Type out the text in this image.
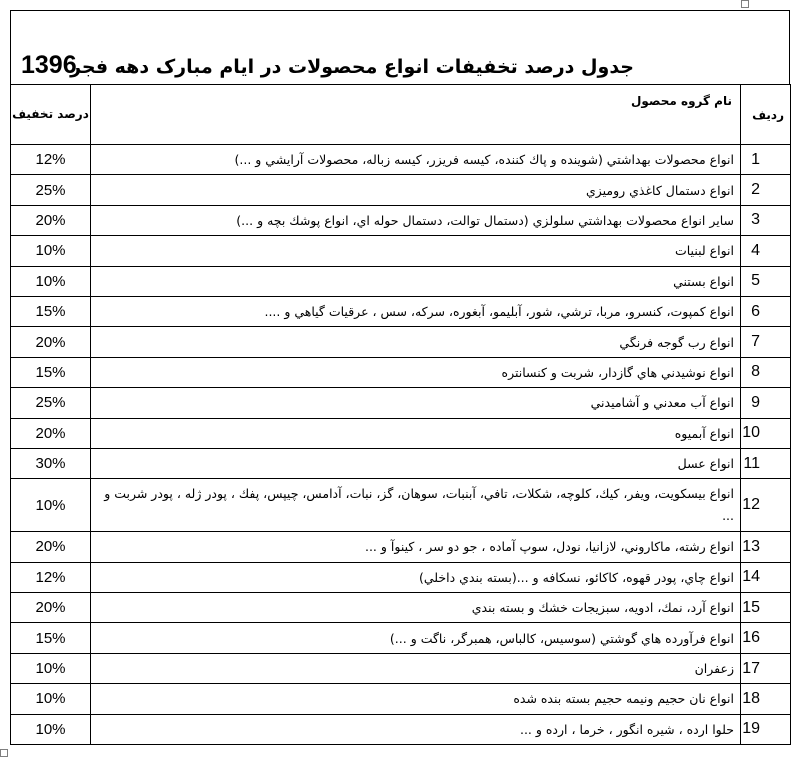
1396
جدول درصد تخفيفات انواع محصولات در ایام مبارک دهه فجر
درصد تخفیف	نام گروه محصول	ردیف
12%	انواع محصولات بهداشتي (شوينده و پاك كننده، كيسه فريزر، كيسه زباله، محصولات آرايشي و ...)	1
25%	انواع دستمال كاغذي روميزي	2
20%	ساير انواع محصولات بهداشتي سلولزي (دستمال توالت، دستمال حوله اي، انواع پوشك بچه و ...)	3
10%	انواع لبنيات	4
10%	انواع بستني	5
15%	انواع كمپوت، كنسرو، مربا، ترشي، شور، آبليمو، آبغوره، سركه، سس ، عرقيات گياهي و ....	6
20%	انواع رب گوجه فرنگي	7
15%	انواع نوشيدني هاي گازدار، شربت و كنسانتره	8
25%	انواع آب معدني و آشاميدني	9
20%	انواع آبميوه	10
30%	انواع عسل	11
10%	انواع بيسكويت، ويفر، كيك، كلوچه، شكلات، تافي، آبنبات، سوهان، گز، نبات، آدامس، چيپس، پفك ، پودر ژله ، پودر شربت و ...	12
20%	انواع رشته، ماكاروني، لازانيا، نودل، سوپ آماده ، جو دو سر ، كينوآ و ...	13
12%	انواع چاي، پودر قهوه، كاكائو، نسكافه و ...(بسته بندي داخلي)	14
20%	انواع آرد، نمك، ادويه، سبزيجات خشك و بسته بندي	15
15%	انواع فرآورده هاي گوشتي (سوسيس، كالباس، همبرگر، ناگت و ...)	16
10%	زعفران	17
10%	انواع نان حجیم ونیمه حجیم بسته بنده شده	18
10%	حلوا ارده ، شيره انگور ، خرما ، ارده و ...	19
